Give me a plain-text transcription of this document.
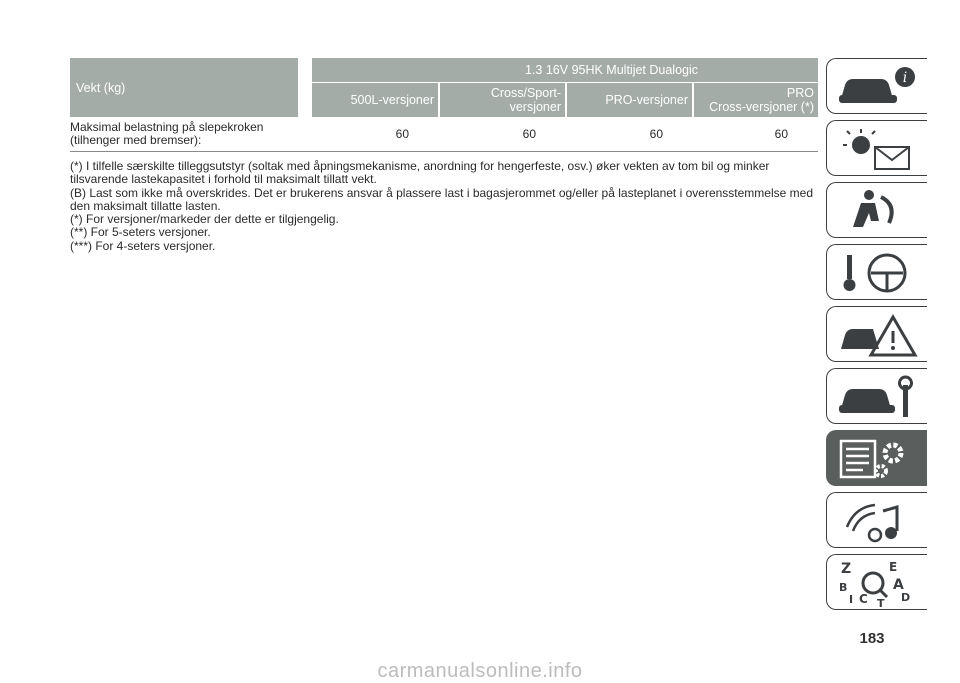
Vekt (kg)		1.3 16V 95HK Multijet Dualogic			
		500L-versjoner	Cross/Sport-
versjoner	PRO-versjoner	PRO
Cross-versjoner (*)
Maksimal belastning på slepekroken
(tilhenger med bremser):		60	60	60	60
(*) I tilfelle særskilte tilleggsutstyr (soltak med åpningsmekanisme, anordning for hengerfeste, osv.) øker vekten av tom bil og minker tilsvarende lastekapasitet i forhold til maksimalt tillatt vekt.
(B) Last som ikke må overskrides. Det er brukerens ansvar å plassere last i bagasjerommet og/eller på lasteplanet i overensstemmelse med den maksimalt tillatte lasten.
(*) For versjoner/markeder der dette er tilgjengelig.
(**) For 5-seters versjoner.
(***) For 4-seters versjoner.
i
Z	E
B	A
I C	D
T
183
carmanualsonline.info
